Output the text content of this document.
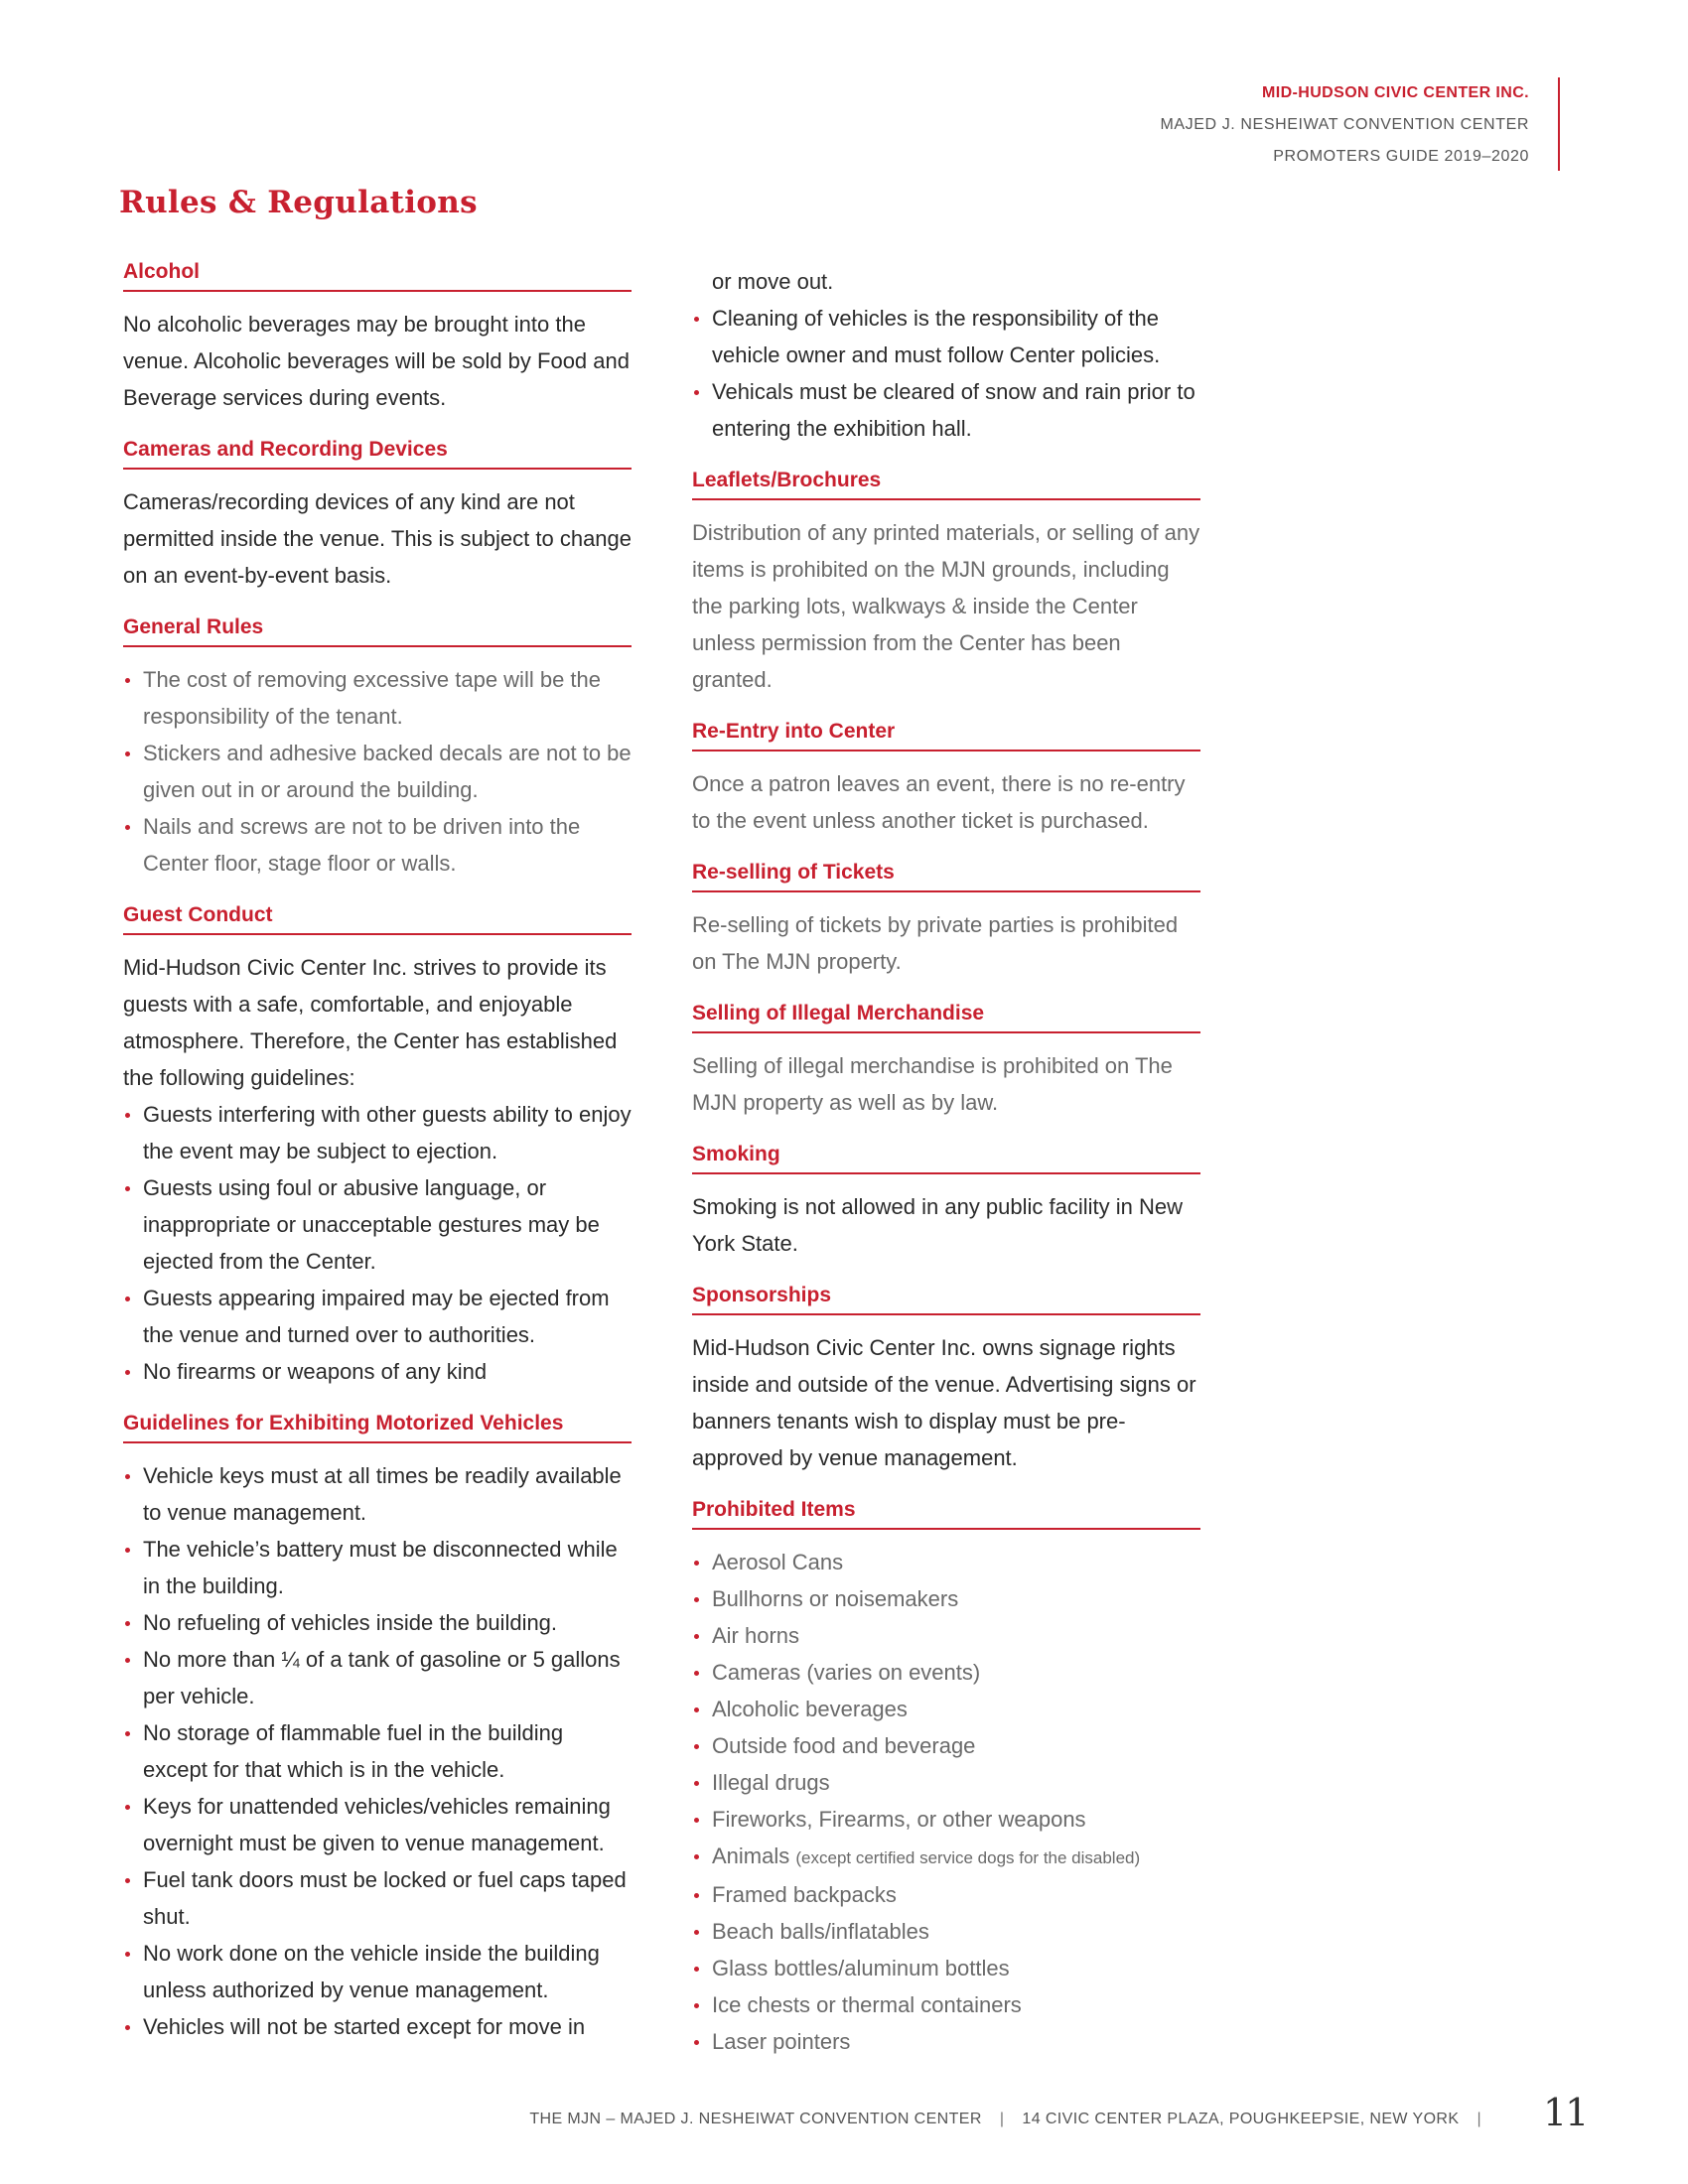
MID-HUDSON CIVIC CENTER INC.
MAJED J. NESHEIWAT CONVENTION CENTER
PROMOTERS GUIDE 2019–2020
Rules & Regulations
Alcohol

No alcoholic beverages may be brought into the venue. Alcoholic beverages will be sold by Food and Beverage services during events.

Cameras and Recording Devices

Cameras/recording devices of any kind are not permitted inside the venue. This is subject to change on an event-by-event basis.

General Rules
The cost of removing excessive tape will be the responsibility of the tenant.
Stickers and adhesive backed decals are not to be given out in or around the building.
Nails and screws are not to be driven into the Center floor, stage floor or walls.
Guest Conduct

Mid-Hudson Civic Center Inc. strives to provide its guests with a safe, comfortable, and enjoyable atmosphere. Therefore, the Center has established the following guidelines:

Guests interfering with other guests ability to enjoy the event may be subject to ejection.
Guests using foul or abusive language, or inappropriate or unacceptable gestures may be ejected from the Center.
Guests appearing impaired may be ejected from the venue and turned over to authorities.
No firearms or weapons of any kind
Guidelines for Exhibiting Motorized Vehicles
Vehicle keys must at all times be readily available to venue management.
The vehicle’s battery must be disconnected while in the building.
No refueling of vehicles inside the building.
No more than ¼ of a tank of gasoline or 5 gallons per vehicle.
No storage of flammable fuel in the building except for that which is in the vehicle.
Keys for unattended vehicles/vehicles remaining overnight must be given to venue management.
Fuel tank doors must be locked or fuel caps taped shut.
No work done on the vehicle inside the building unless authorized by venue management.
Vehicles will not be started except for move in
or move out.
Cleaning of vehicles is the responsibility of the vehicle owner and must follow Center policies.
Vehicals must be cleared of snow and rain prior to entering the exhibition hall.
Leaflets/Brochures

Distribution of any printed materials, or selling of any items is prohibited on the MJN grounds, including the parking lots, walkways & inside the Center unless permission from the Center has been granted.

Re-Entry into Center

Once a patron leaves an event, there is no re-entry to the event unless another ticket is purchased.

Re-selling of Tickets

Re-selling of tickets by private parties is prohibited on The MJN property.

Selling of Illegal Merchandise

Selling of illegal merchandise is prohibited on The MJN property as well as by law.

Smoking

Smoking is not allowed in any public facility in New York State.

Sponsorships

Mid-Hudson Civic Center Inc. owns signage rights inside and outside of the venue. Advertising signs or banners tenants wish to display must be pre-approved by venue management.

Prohibited Items
Aerosol Cans
Bullhorns or noisemakers
Air horns
Cameras (varies on events)
Alcoholic beverages
Outside food and beverage
Illegal drugs
Fireworks, Firearms, or other weapons
Animals (except certified service dogs for the disabled)
Framed backpacks
Beach balls/inflatables
Glass bottles/aluminum bottles
Ice chests or thermal containers
Laser pointers
THE MJN – MAJED J. NESHEIWAT CONVENTION CENTER | 14 CIVIC CENTER PLAZA, POUGHKEEPSIE, NEW YORK |	11
